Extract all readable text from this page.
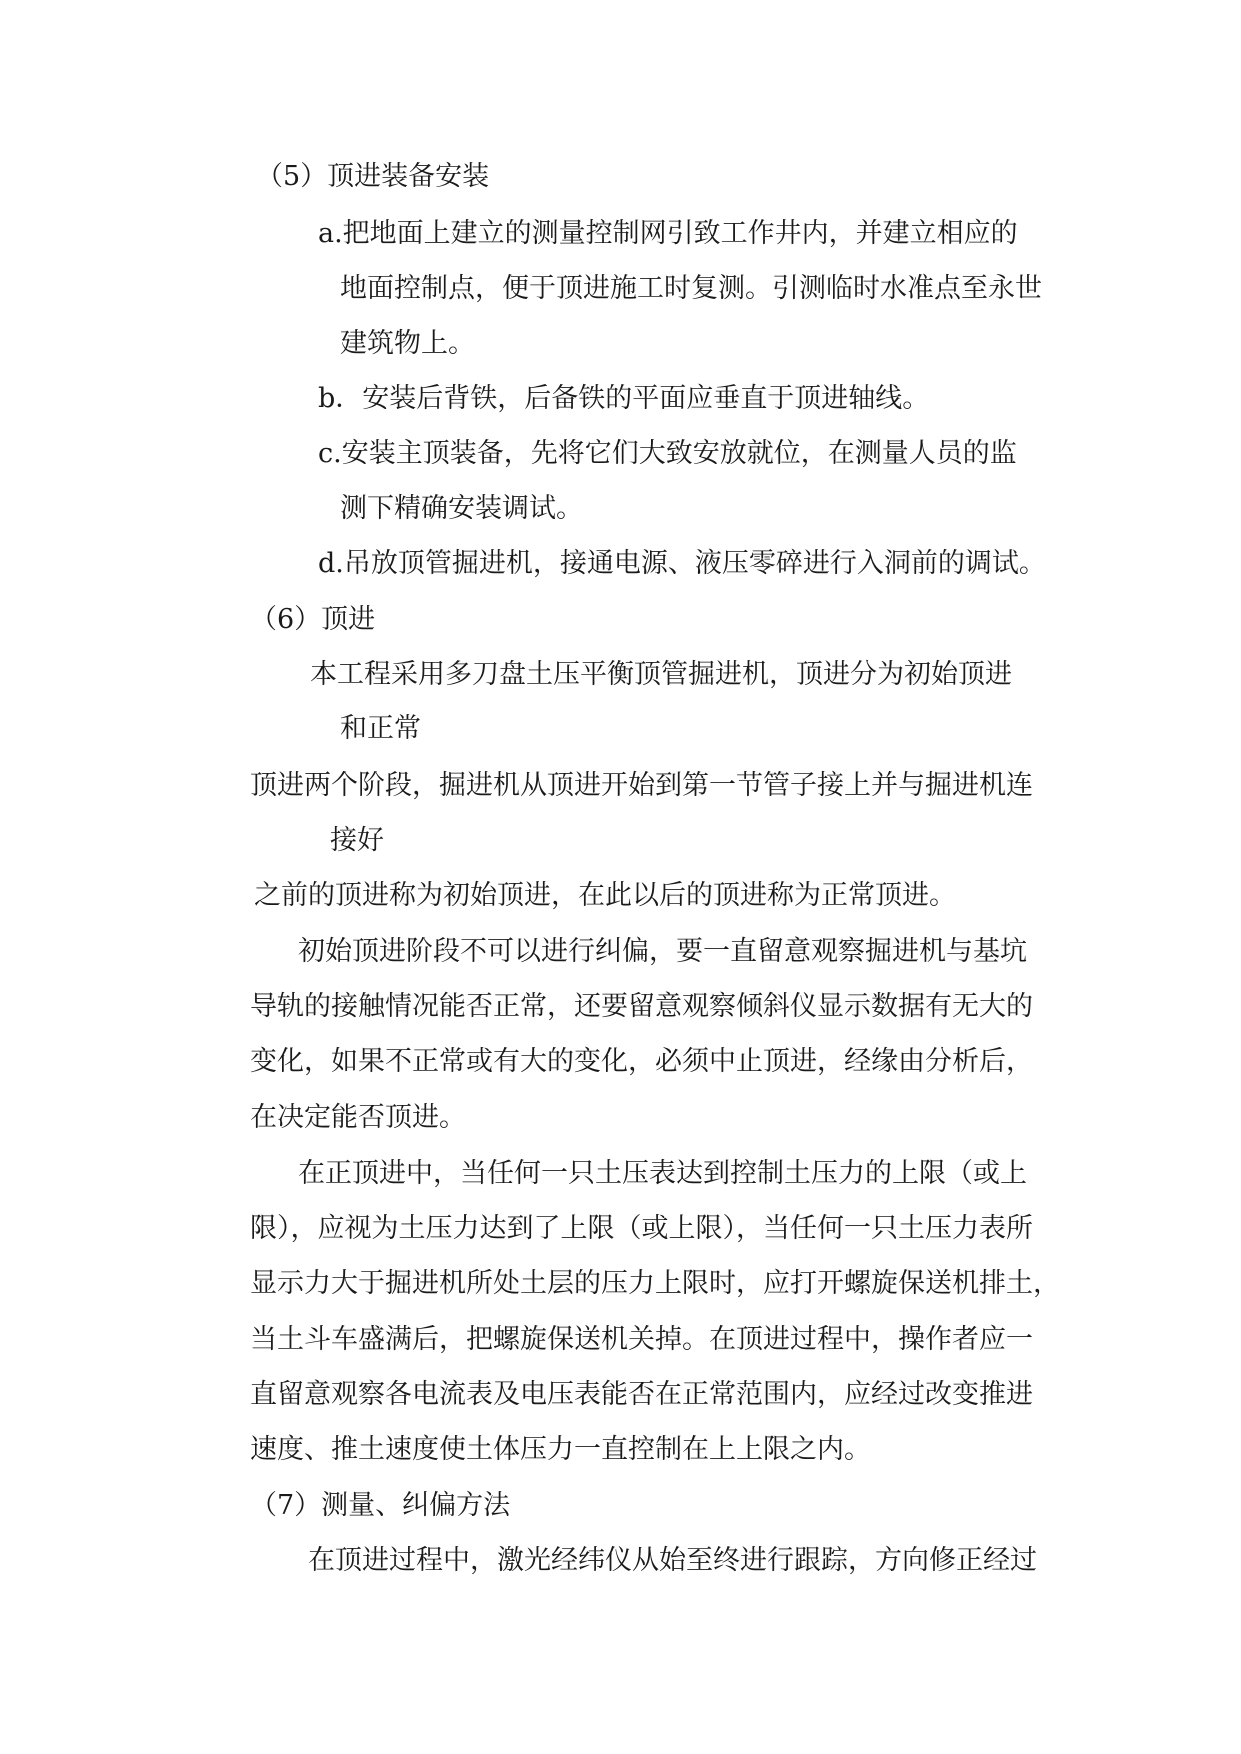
（5）顶进装备安装
a.把地面上建立的测量控制网引致工作井内，并建立相应的
地面控制点，便于顶进施工时复测。引测临时水准点至永世
建筑物上。
b．安装后背铁，后备铁的平面应垂直于顶进轴线。
c.安装主顶装备，先将它们大致安放就位，在测量人员的监
测下精确安装调试。
d.吊放顶管掘进机，接通电源、液压零碎进行入洞前的调试。
（6）顶进
本工程采用多刀盘土压平衡顶管掘进机，顶进分为初始顶进
和正常
顶进两个阶段，掘进机从顶进开始到第一节管子接上并与掘进机连
接好
之前的顶进称为初始顶进，在此以后的顶进称为正常顶进。
初始顶进阶段不可以进行纠偏，要一直留意观察掘进机与基坑
导轨的接触情况能否正常，还要留意观察倾斜仪显示数据有无大的
变化，如果不正常或有大的变化，必须中止顶进，经缘由分析后，
在决定能否顶进。
在正顶进中，当任何一只土压表达到控制土压力的上限（或上
限），应视为土压力达到了上限（或上限），当任何一只土压力表所
显示力大于掘进机所处土层的压力上限时，应打开螺旋保送机排土，
当土斗车盛满后，把螺旋保送机关掉。在顶进过程中，操作者应一
直留意观察各电流表及电压表能否在正常范围内，应经过改变推进
速度、推土速度使土体压力一直控制在上上限之内。
（7）测量、纠偏方法
在顶进过程中，激光经纬仪从始至终进行跟踪，方向修正经过
